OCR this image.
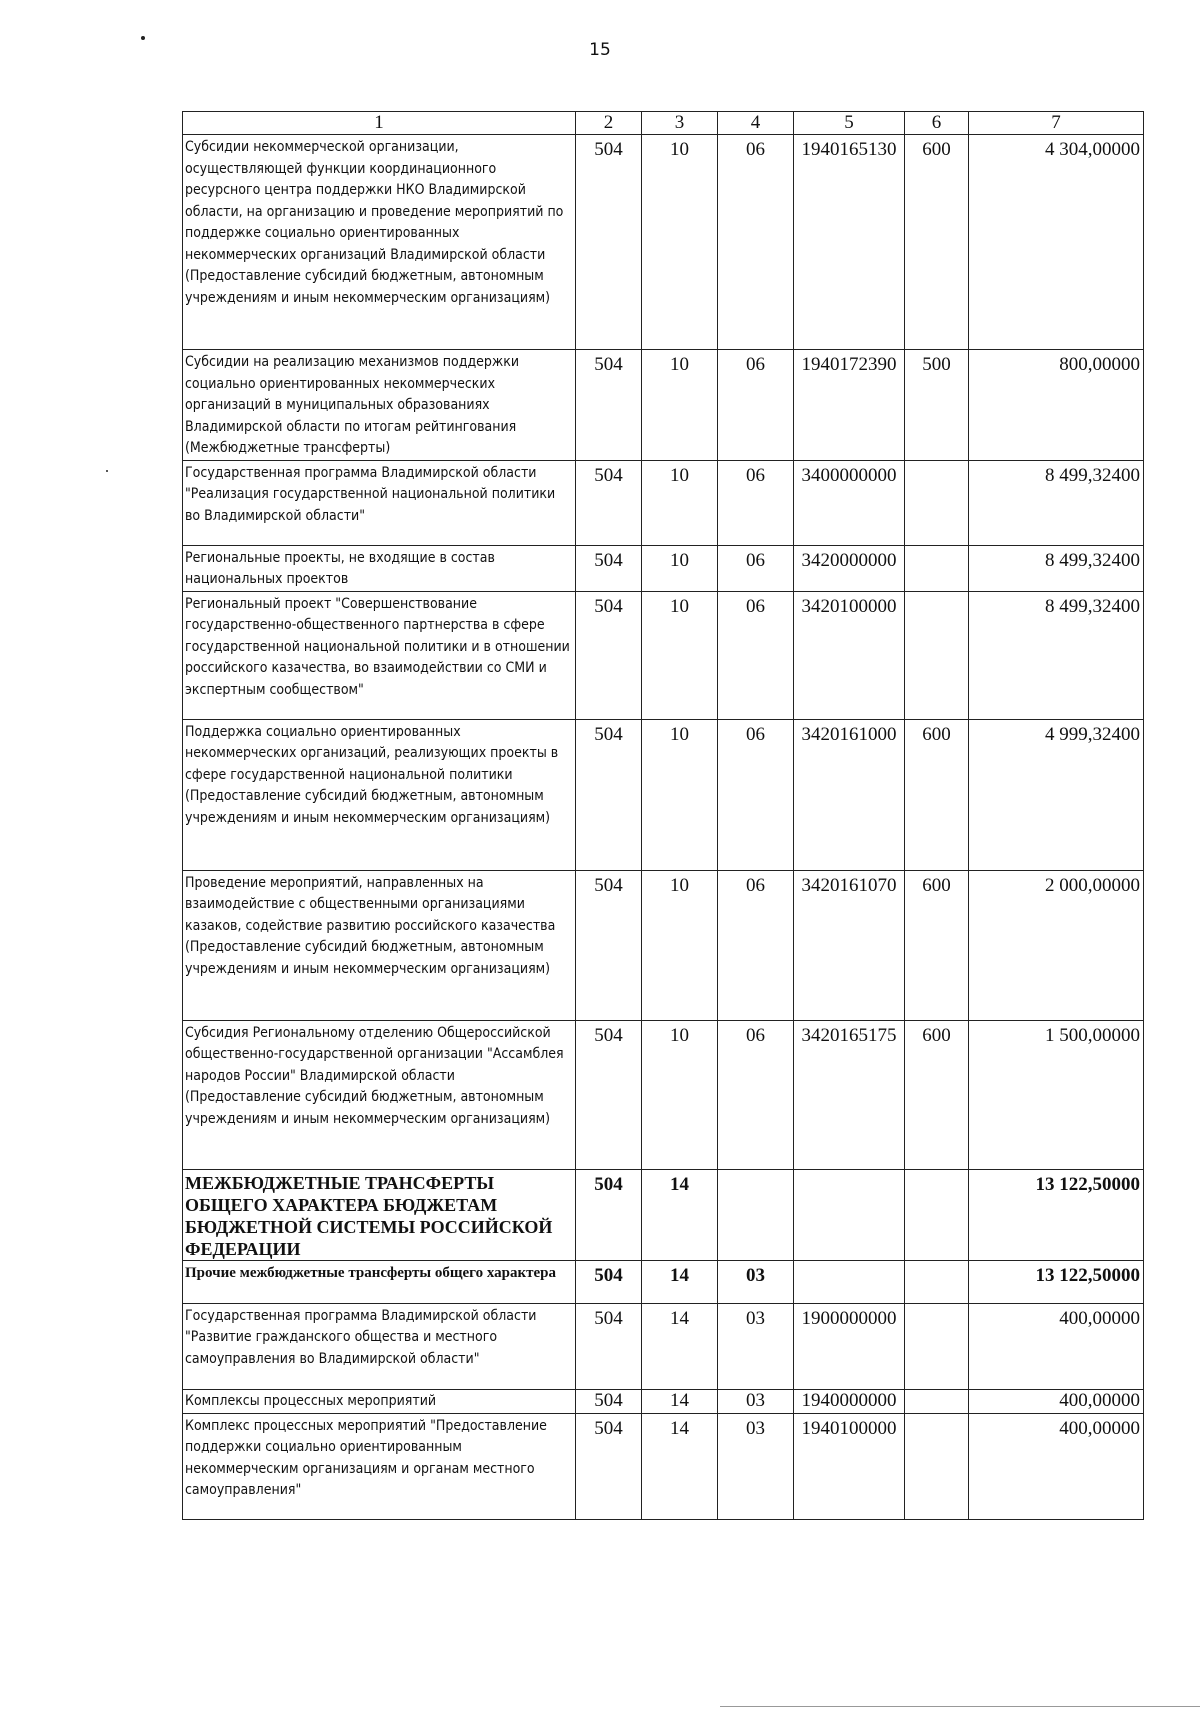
15
1	2	3	4	5	6	7
Субсидии некоммерческой организации, осуществляющей функции координационного ресурсного центра поддержки НКО Владимирской области, на организацию и проведение мероприятий по поддержке социально ориентированных некоммерческих организаций Владимирской области (Предоставление субсидий бюджетным, автономным учреждениям и иным некоммерческим организациям)	504	10	06	1940165130	600	4 304,00000
Субсидии на реализацию механизмов поддержки социально ориентированных некоммерческих организаций в муниципальных образованиях Владимирской области по итогам рейтингования (Межбюджетные трансферты)	504	10	06	1940172390	500	800,00000
Государственная программа Владимирской области "Реализация государственной национальной политики во Владимирской области"	504	10	06	3400000000		8 499,32400
Региональные проекты, не входящие в состав национальных проектов	504	10	06	3420000000		8 499,32400
Региональный проект "Совершенствование государственно-общественного партнерства в сфере государственной национальной политики и в отношении российского казачества, во взаимодействии со СМИ и экспертным сообществом"	504	10	06	3420100000		8 499,32400
Поддержка социально ориентированных некоммерческих организаций, реализующих проекты в сфере государственной национальной политики (Предоставление субсидий бюджетным, автономным учреждениям и иным некоммерческим организациям)	504	10	06	3420161000	600	4 999,32400
Проведение мероприятий, направленных на взаимодействие с общественными организациями казаков, содействие развитию российского казачества (Предоставление субсидий бюджетным, автономным учреждениям и иным некоммерческим организациям)	504	10	06	3420161070	600	2 000,00000
Субсидия Региональному отделению Общероссийской общественно-государственной организации "Ассамблея народов России" Владимирской области (Предоставление субсидий бюджетным, автономным учреждениям и иным некоммерческим организациям)	504	10	06	3420165175	600	1 500,00000
МЕЖБЮДЖЕТНЫЕ ТРАНСФЕРТЫ ОБЩЕГО ХАРАКТЕРА БЮДЖЕТАМ БЮДЖЕТНОЙ СИСТЕМЫ РОССИЙСКОЙ ФЕДЕРАЦИИ	504	14				13 122,50000
Прочие межбюджетные трансферты общего характера	504	14	03			13 122,50000
Государственная программа Владимирской области "Развитие гражданского общества и местного самоуправления во Владимирской области"	504	14	03	1900000000		400,00000
Комплексы процессных мероприятий	504	14	03	1940000000		400,00000
Комплекс процессных мероприятий "Предоставление поддержки социально ориентированным некоммерческим организациям и органам местного самоуправления"	504	14	03	1940100000		400,00000
